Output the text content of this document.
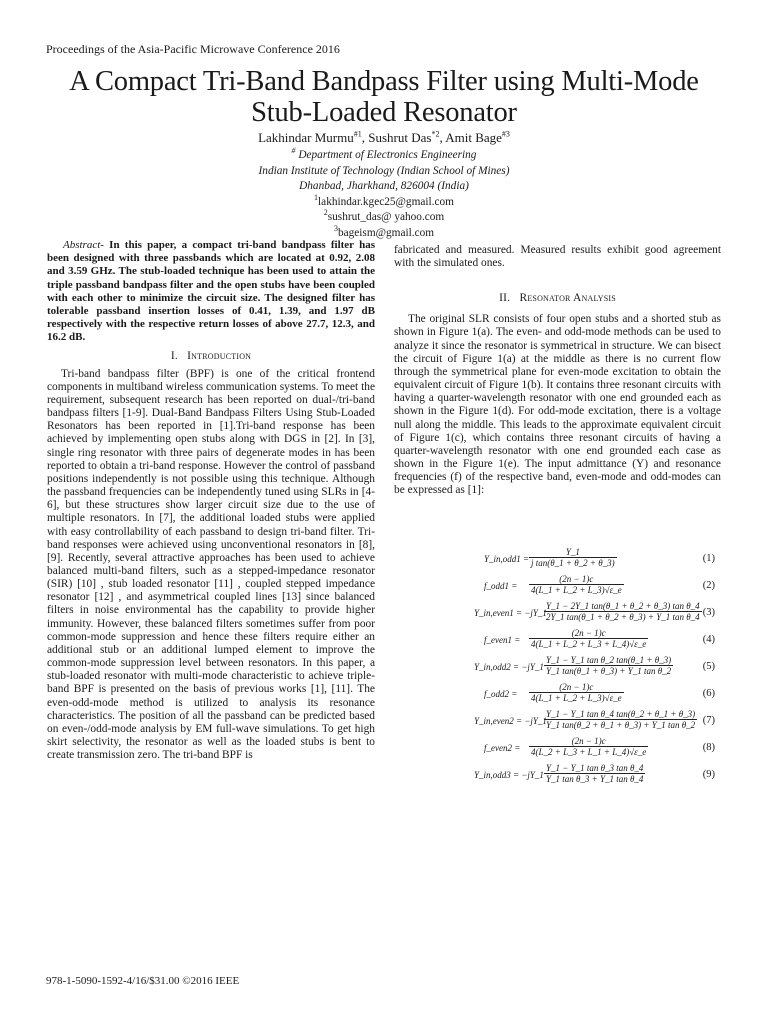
Proceedings of the Asia-Pacific Microwave Conference 2016
A Compact Tri-Band Bandpass Filter using Multi-Mode Stub-Loaded Resonator
Lakhindar Murmu$^{\#1}$, Sushrut Das$^{*2}$, Amit Bage$^{\#3}$
# Department of Electronics Engineering
Indian Institute of Technology (Indian School of Mines)
Dhanbad, Jharkhand, 826004 (India)
$^1$lakhindar.kgec25@gmail.com
$^2$sushrut_das@ yahoo.com
$^3$bageism@gmail.com

Abstract- In this paper, a compact tri-band bandpass filter has been designed with three passbands which are located at 0.92, 2.08 and 3.59 GHz. The stub-loaded technique has been used to attain the triple passband bandpass filter and the open stubs have been coupled with each other to minimize the circuit size. The designed filter has tolerable passband insertion losses of 0.41, 1.39, and 1.97 dB respectively with the respective return losses of above 27.7, 12.3, and 16.2 dB.

I. Introduction

Tri-band bandpass filter (BPF) is one of the critical frontend components in multiband wireless communication systems. To meet the requirement, subsequent research has been reported on dual-/tri-band bandpass filters [1-9]. Dual-Band Bandpass Filters Using Stub-Loaded Resonators has been reported in [1].Tri-band response has been achieved by implementing open stubs along with DGS in [2]. In [3], single ring resonator with three pairs of degenerate modes in has been reported to obtain a tri-band response. However the control of passband positions independently is not possible using this technique. Although the passband frequencies can be independently tuned using SLRs in [4-6], but these structures show larger circuit size due to the use of multiple resonators. In [7], the additional loaded stubs were applied with easy controllability of each passband to design tri-band filter. Tri-band responses were achieved using unconventional resonators in [8], [9]. Recently, several attractive approaches has been used to achieve balanced multi-band filters, such as a stepped-impedance resonator (SIR) [10] , stub loaded resonator [11] , coupled stepped impedance resonator [12] , and asymmetrical coupled lines [13] since balanced filters in noise environmental has the capability to provide higher immunity. However, these balanced filters sometimes suffer from poor common-mode suppression and hence these filters require either an additional stub or an additional lumped element to improve the common-mode suppression level between resonators. In this paper, a stub-loaded resonator with multi-mode characteristic to achieve triple-band BPF is presented on the basis of previous works [1], [11]. The even-odd-mode method is utilized to analysis its resonance characteristics. The position of all the passband can be predicted based on even-/odd-mode analysis by EM full-wave simulations. To get high skirt selectivity, the resonator as well as the loaded stubs is bent to create transmission zero. The tri-band BPF is

fabricated and measured. Measured results exhibit good agreement with the simulated ones.

II. Resonator Analysis

The original SLR consists of four open stubs and a shorted stub as shown in Figure 1(a). The even- and odd-mode methods can be used to analyze it since the resonator is symmetrical in structure. We can bisect the circuit of Figure 1(a) at the middle as there is no current flow through the symmetrical plane for even-mode excitation to obtain the equivalent circuit of Figure 1(b). It contains three resonant circuits with having a quarter-wavelength resonator with one end grounded each as shown in the Figure 1(d). For odd-mode excitation, there is a voltage null along the middle. This leads to the approximate equivalent circuit of Figure 1(c), which contains three resonant circuits of having a quarter-wavelength resonator with one end grounded each case as shown in the Figure 1(e). The input admittance (Y) and resonance frequencies (f) of the respective band, even-mode and odd-modes can be expressed as [1]:

Y_in,odd1 = $\frac{Y\_1}{\text{j tan(θ\_1 + θ\_2 + θ\_3)}}$	(1)
f_odd1 = $\frac{(2n - 1)c}{4(L\_1 + L\_2 + L\_3)√\varepsilon\_e}$	(2)
Y_in,even1 = −jY_1
$\frac{\text{Y\_1 − 2Y\_1 tan(θ\_1 + θ\_2 + θ\_3) tan θ\_4}}{\text{2Y\_1 tan(θ\_1 + θ\_2 + θ\_3) + Y\_1 tan θ\_4}} (3)$
f_even1 = $\frac{(2n - 1)c}{4(L\_1 + L\_2 + L\_3 + L\_4)√\varepsilon\_e}$	(4)
Y_in,odd2 = −jY_1 $\frac{\text{Y\_1 − Y\_1 tan θ\_2 tan(θ\_1 + θ\_3)}}{\text{Y\_1 tan(θ\_1 + θ\_3) + Y\_1 tan θ\_2}}$	(5)
f_odd2 = $\frac{(2n - 1)c}{4(L\_1 + L\_2 + L\_3)√\varepsilon\_e}$	(6)
Y_in,even2 = −jY_1
$\frac{\text{Y\_1 − Y\_1 tan θ\_4 tan(θ\_2 + θ\_1 + θ\_3)}}{\text{Y\_1 tan(θ\_2 + θ\_1 + θ\_3) + Y\_1 tan θ\_2}} (7)$
f_even2 = $\frac{(2n - 1)c}{4(L\_2 + L\_3 + L\_1 + L\_4)√\varepsilon\_e}$	(8)
Y_in,odd3 = −jY_1 $\frac{\text{Y\_1 − Y\_1 tan θ\_3 tan θ\_4}}{\text{Y\_1 tan θ\_3 + Y\_1 tan θ\_4}}$	(9)
978-1-5090-1592-4/16/$31.00 ©2016 IEEE
